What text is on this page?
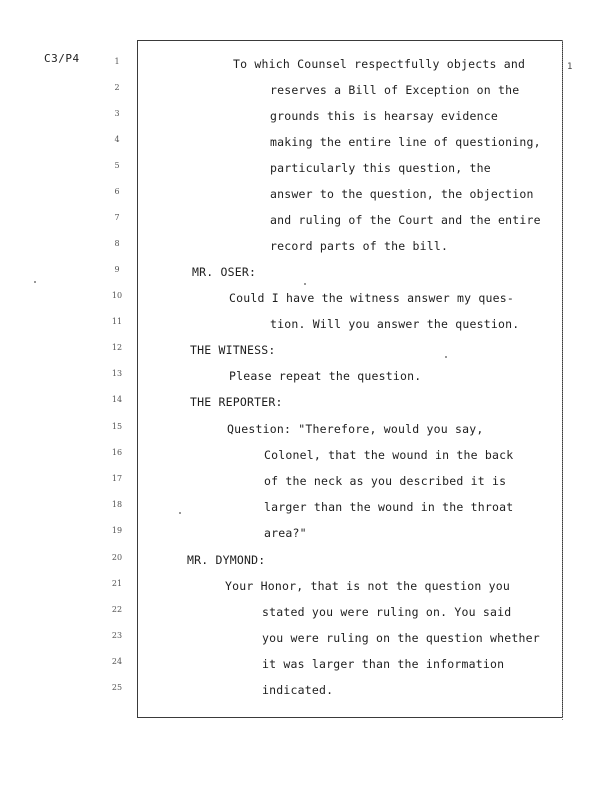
C3/P4
1
1
2
3
4
5
6
7
8
9
10
11
12
13
14
15
16
17
18
19
20
21
22
23
24
25
To which Counsel respectfully objects and
reserves a Bill of Exception on the
grounds this is hearsay evidence
making the entire line of questioning,
particularly this question, the
answer to the question, the objection
and ruling of the Court and the entire
record parts of the bill.
MR. OSER:
Could I have the witness answer my ques-
tion. Will you answer the question.
THE WITNESS:
Please repeat the question.
THE REPORTER:
Question: "Therefore, would you say,
Colonel, that the wound in the back
of the neck as you described it is
larger than the wound in the throat
area?"
MR. DYMOND:
Your Honor, that is not the question you
stated you were ruling on. You said
you were ruling on the question whether
it was larger than the information
indicated.
